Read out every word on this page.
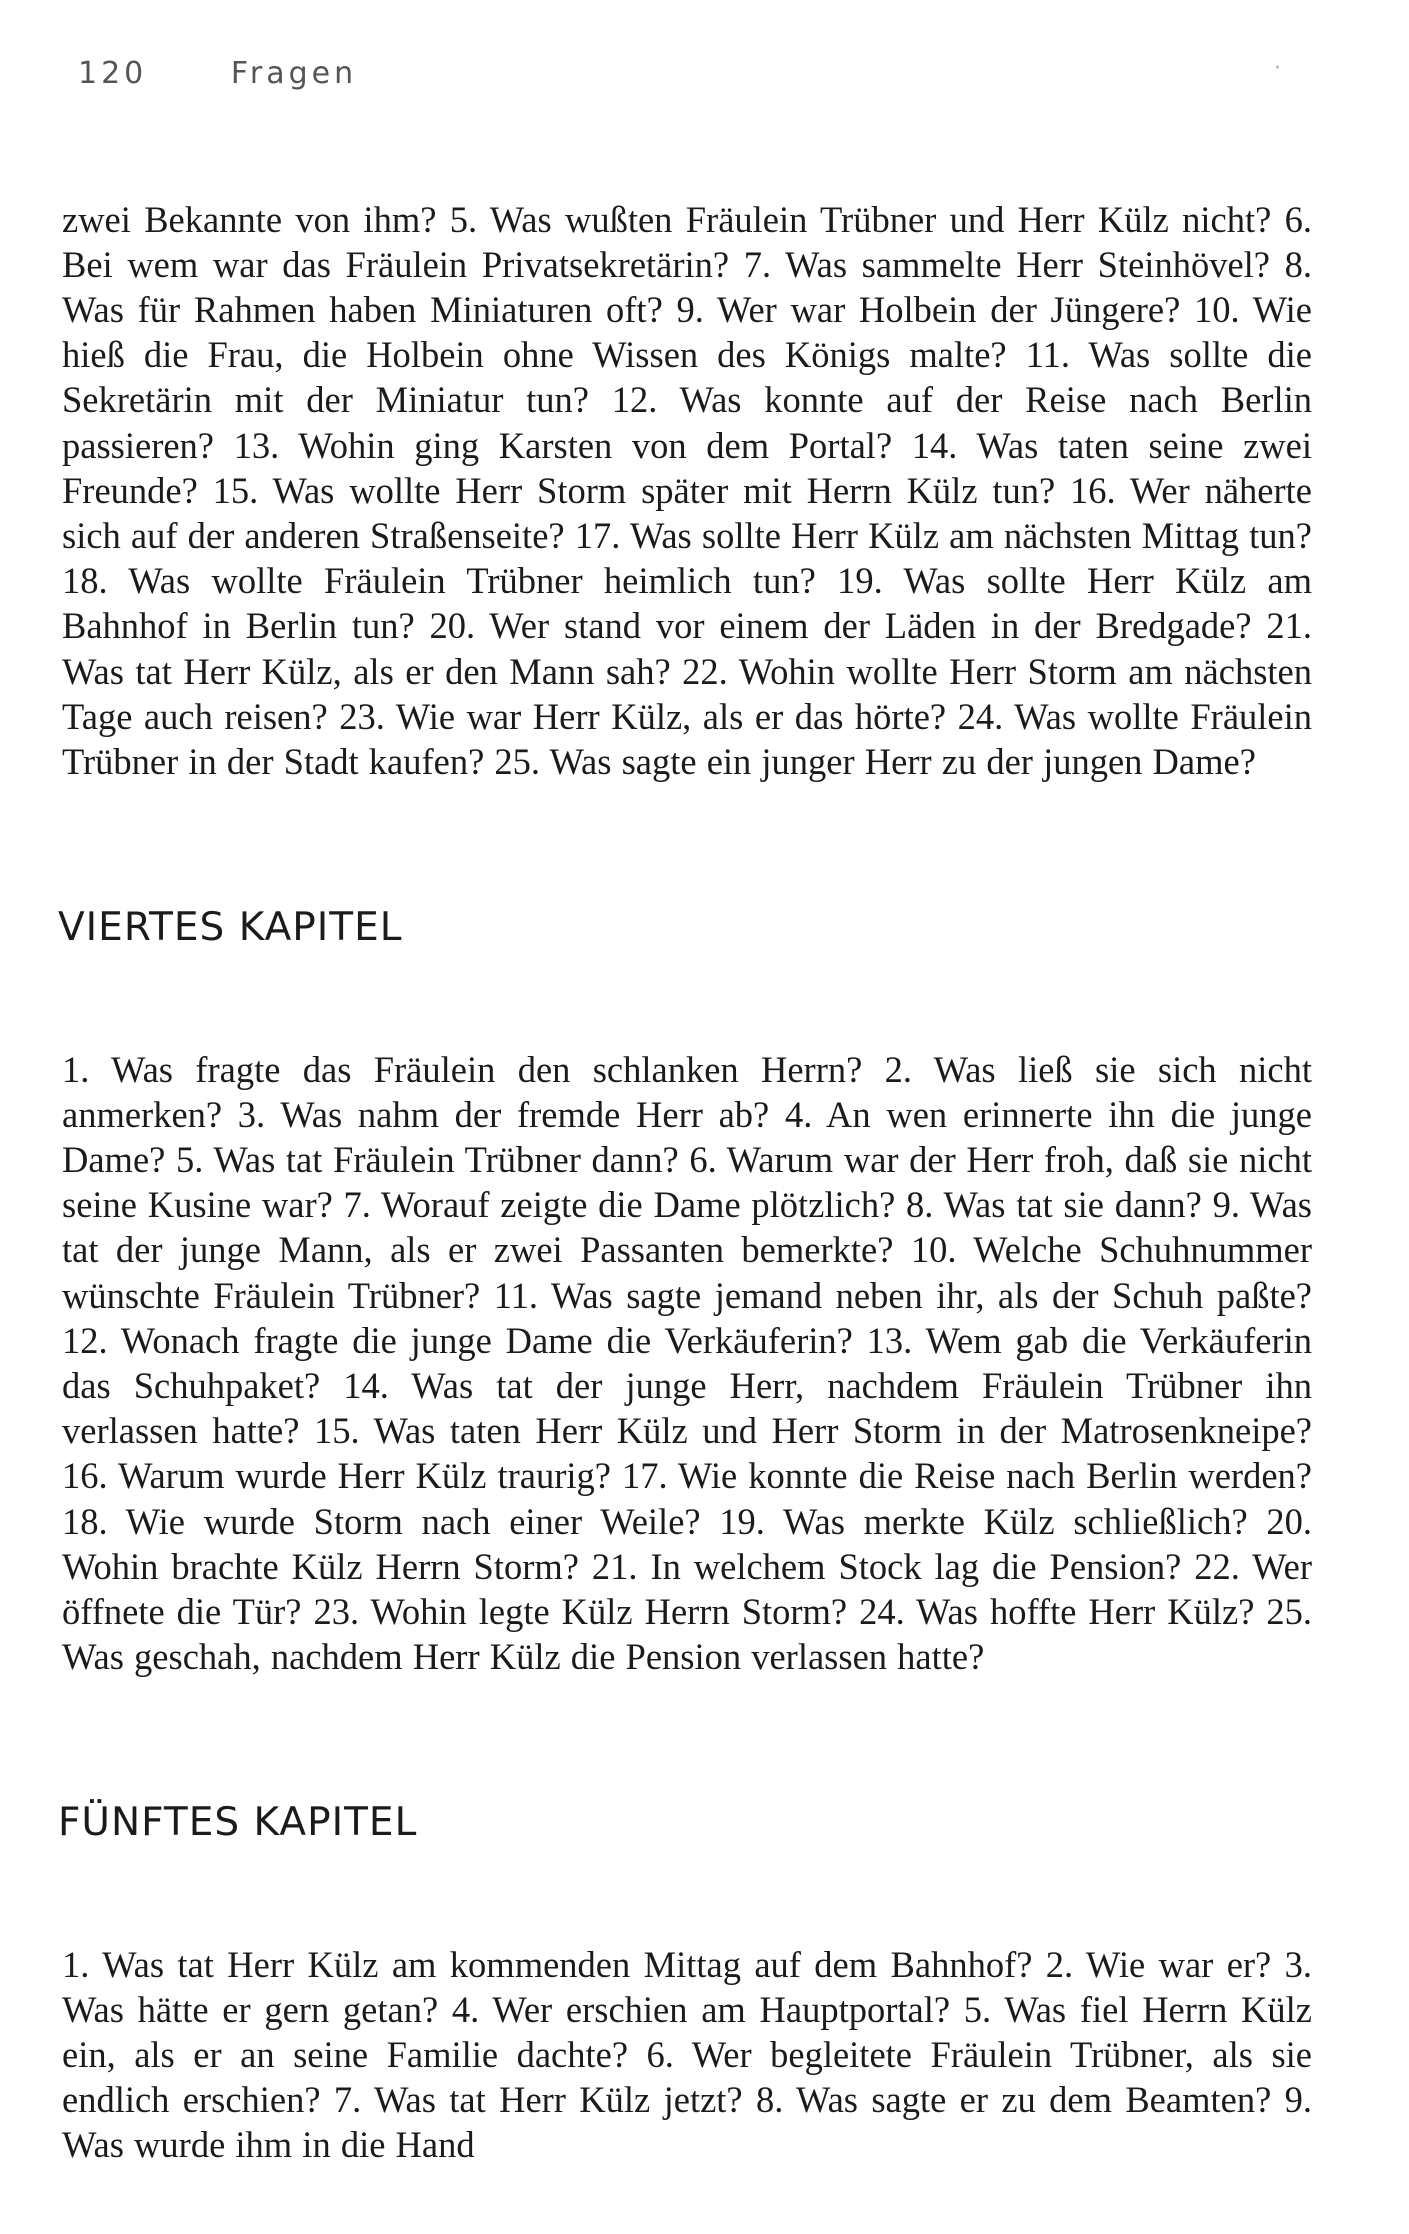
120	Fragen	·

zwei Bekannte von ihm? 5. Was wußten Fräulein Trübner und Herr Külz nicht? 6. Bei wem war das Fräulein Privatsekretärin? 7. Was sammelte Herr Steinhövel? 8. Was für Rahmen haben Miniaturen oft? 9. Wer war Holbein der Jüngere? 10. Wie hieß die Frau, die Holbein ohne Wissen des Königs malte? 11. Was sollte die Sekretärin mit der Miniatur tun? 12. Was konnte auf der Reise nach Berlin passieren? 13. Wohin ging Karsten von dem Portal? 14. Was taten seine zwei Freunde? 15. Was wollte Herr Storm später mit Herrn Külz tun? 16. Wer näherte sich auf der anderen Straßenseite? 17. Was sollte Herr Külz am nächsten Mittag tun? 18. Was wollte Fräulein Trübner heimlich tun? 19. Was sollte Herr Külz am Bahnhof in Berlin tun? 20. Wer stand vor einem der Läden in der Bredgade? 21. Was tat Herr Külz, als er den Mann sah? 22. Wohin wollte Herr Storm am nächsten Tage auch reisen? 23. Wie war Herr Külz, als er das hörte? 24. Was wollte Fräulein Trübner in der Stadt kaufen? 25. Was sagte ein junger Herr zu der jungen Dame?

VIERTES KAPITEL

1. Was fragte das Fräulein den schlanken Herrn? 2. Was ließ sie sich nicht anmerken? 3. Was nahm der fremde Herr ab? 4. An wen erinnerte ihn die junge Dame? 5. Was tat Fräulein Trübner dann? 6. Warum war der Herr froh, daß sie nicht seine Kusine war? 7. Worauf zeigte die Dame plötzlich? 8. Was tat sie dann? 9. Was tat der junge Mann, als er zwei Passanten bemerkte? 10. Welche Schuhnummer wünschte Fräulein Trübner? 11. Was sagte jemand neben ihr, als der Schuh paßte? 12. Wonach fragte die junge Dame die Verkäuferin? 13. Wem gab die Verkäuferin das Schuhpaket? 14. Was tat der junge Herr, nachdem Fräulein Trübner ihn verlassen hatte? 15. Was taten Herr Külz und Herr Storm in der Matrosenkneipe? 16. Warum wurde Herr Külz traurig? 17. Wie konnte die Reise nach Berlin werden? 18. Wie wurde Storm nach einer Weile? 19. Was merkte Külz schließlich? 20. Wohin brachte Külz Herrn Storm? 21. In welchem Stock lag die Pension? 22. Wer öffnete die Tür? 23. Wohin legte Külz Herrn Storm? 24. Was hoffte Herr Külz? 25. Was geschah, nachdem Herr Külz die Pension verlassen hatte?

FÜNFTES KAPITEL

1. Was tat Herr Külz am kommenden Mittag auf dem Bahnhof? 2. Wie war er? 3. Was hätte er gern getan? 4. Wer erschien am Hauptportal? 5. Was fiel Herrn Külz ein, als er an seine Familie dachte? 6. Wer begleitete Fräulein Trübner, als sie endlich erschien? 7. Was tat Herr Külz jetzt? 8. Was sagte er zu dem Beamten? 9. Was wurde ihm in die Hand
